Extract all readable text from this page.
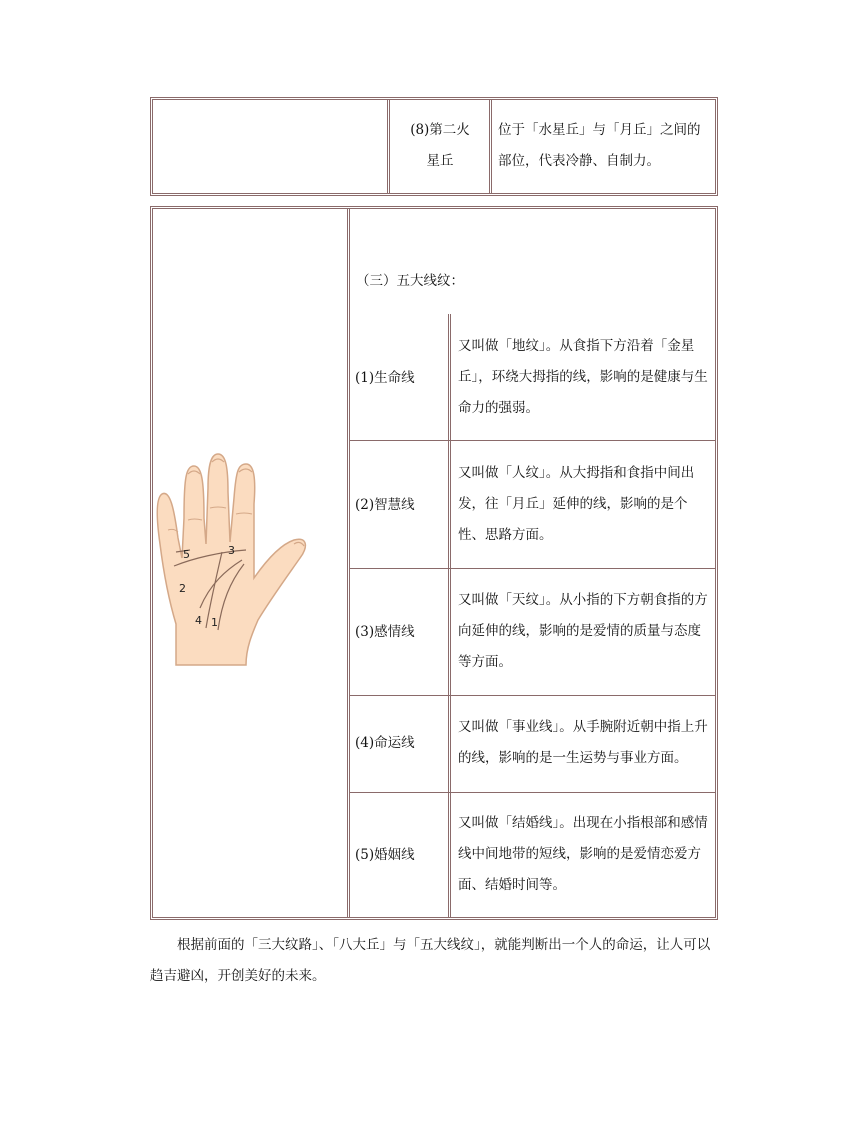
(8)第二火
星丘
位于「水星丘」与「月丘」之间的部位，代表冷静、自制力。
（三）五大线纹：
(1)生命线
又叫做「地纹」。从食指下方沿着「金星丘」，环绕大拇指的线，影响的是健康与生命力的强弱。
(2)智慧线
又叫做「人纹」。从大拇指和食指中间出发，往「月丘」延伸的线，影响的是个性、思路方面。
(3)感情线
又叫做「天纹」。从小指的下方朝食指的方向延伸的线，影响的是爱情的质量与态度等方面。
(4)命运线
又叫做「事业线」。从手腕附近朝中指上升的线，影响的是一生运势与事业方面。
(5)婚姻线
又叫做「结婚线」。出现在小指根部和感情线中间地带的短线，影响的是爱情恋爱方面、结婚时间等。
5	3
2
4 1
根据前面的「三大纹路」、「八大丘」与「五大线纹」，就能判断出一个人的命运，让人可以趋吉避凶，开创美好的未来。
